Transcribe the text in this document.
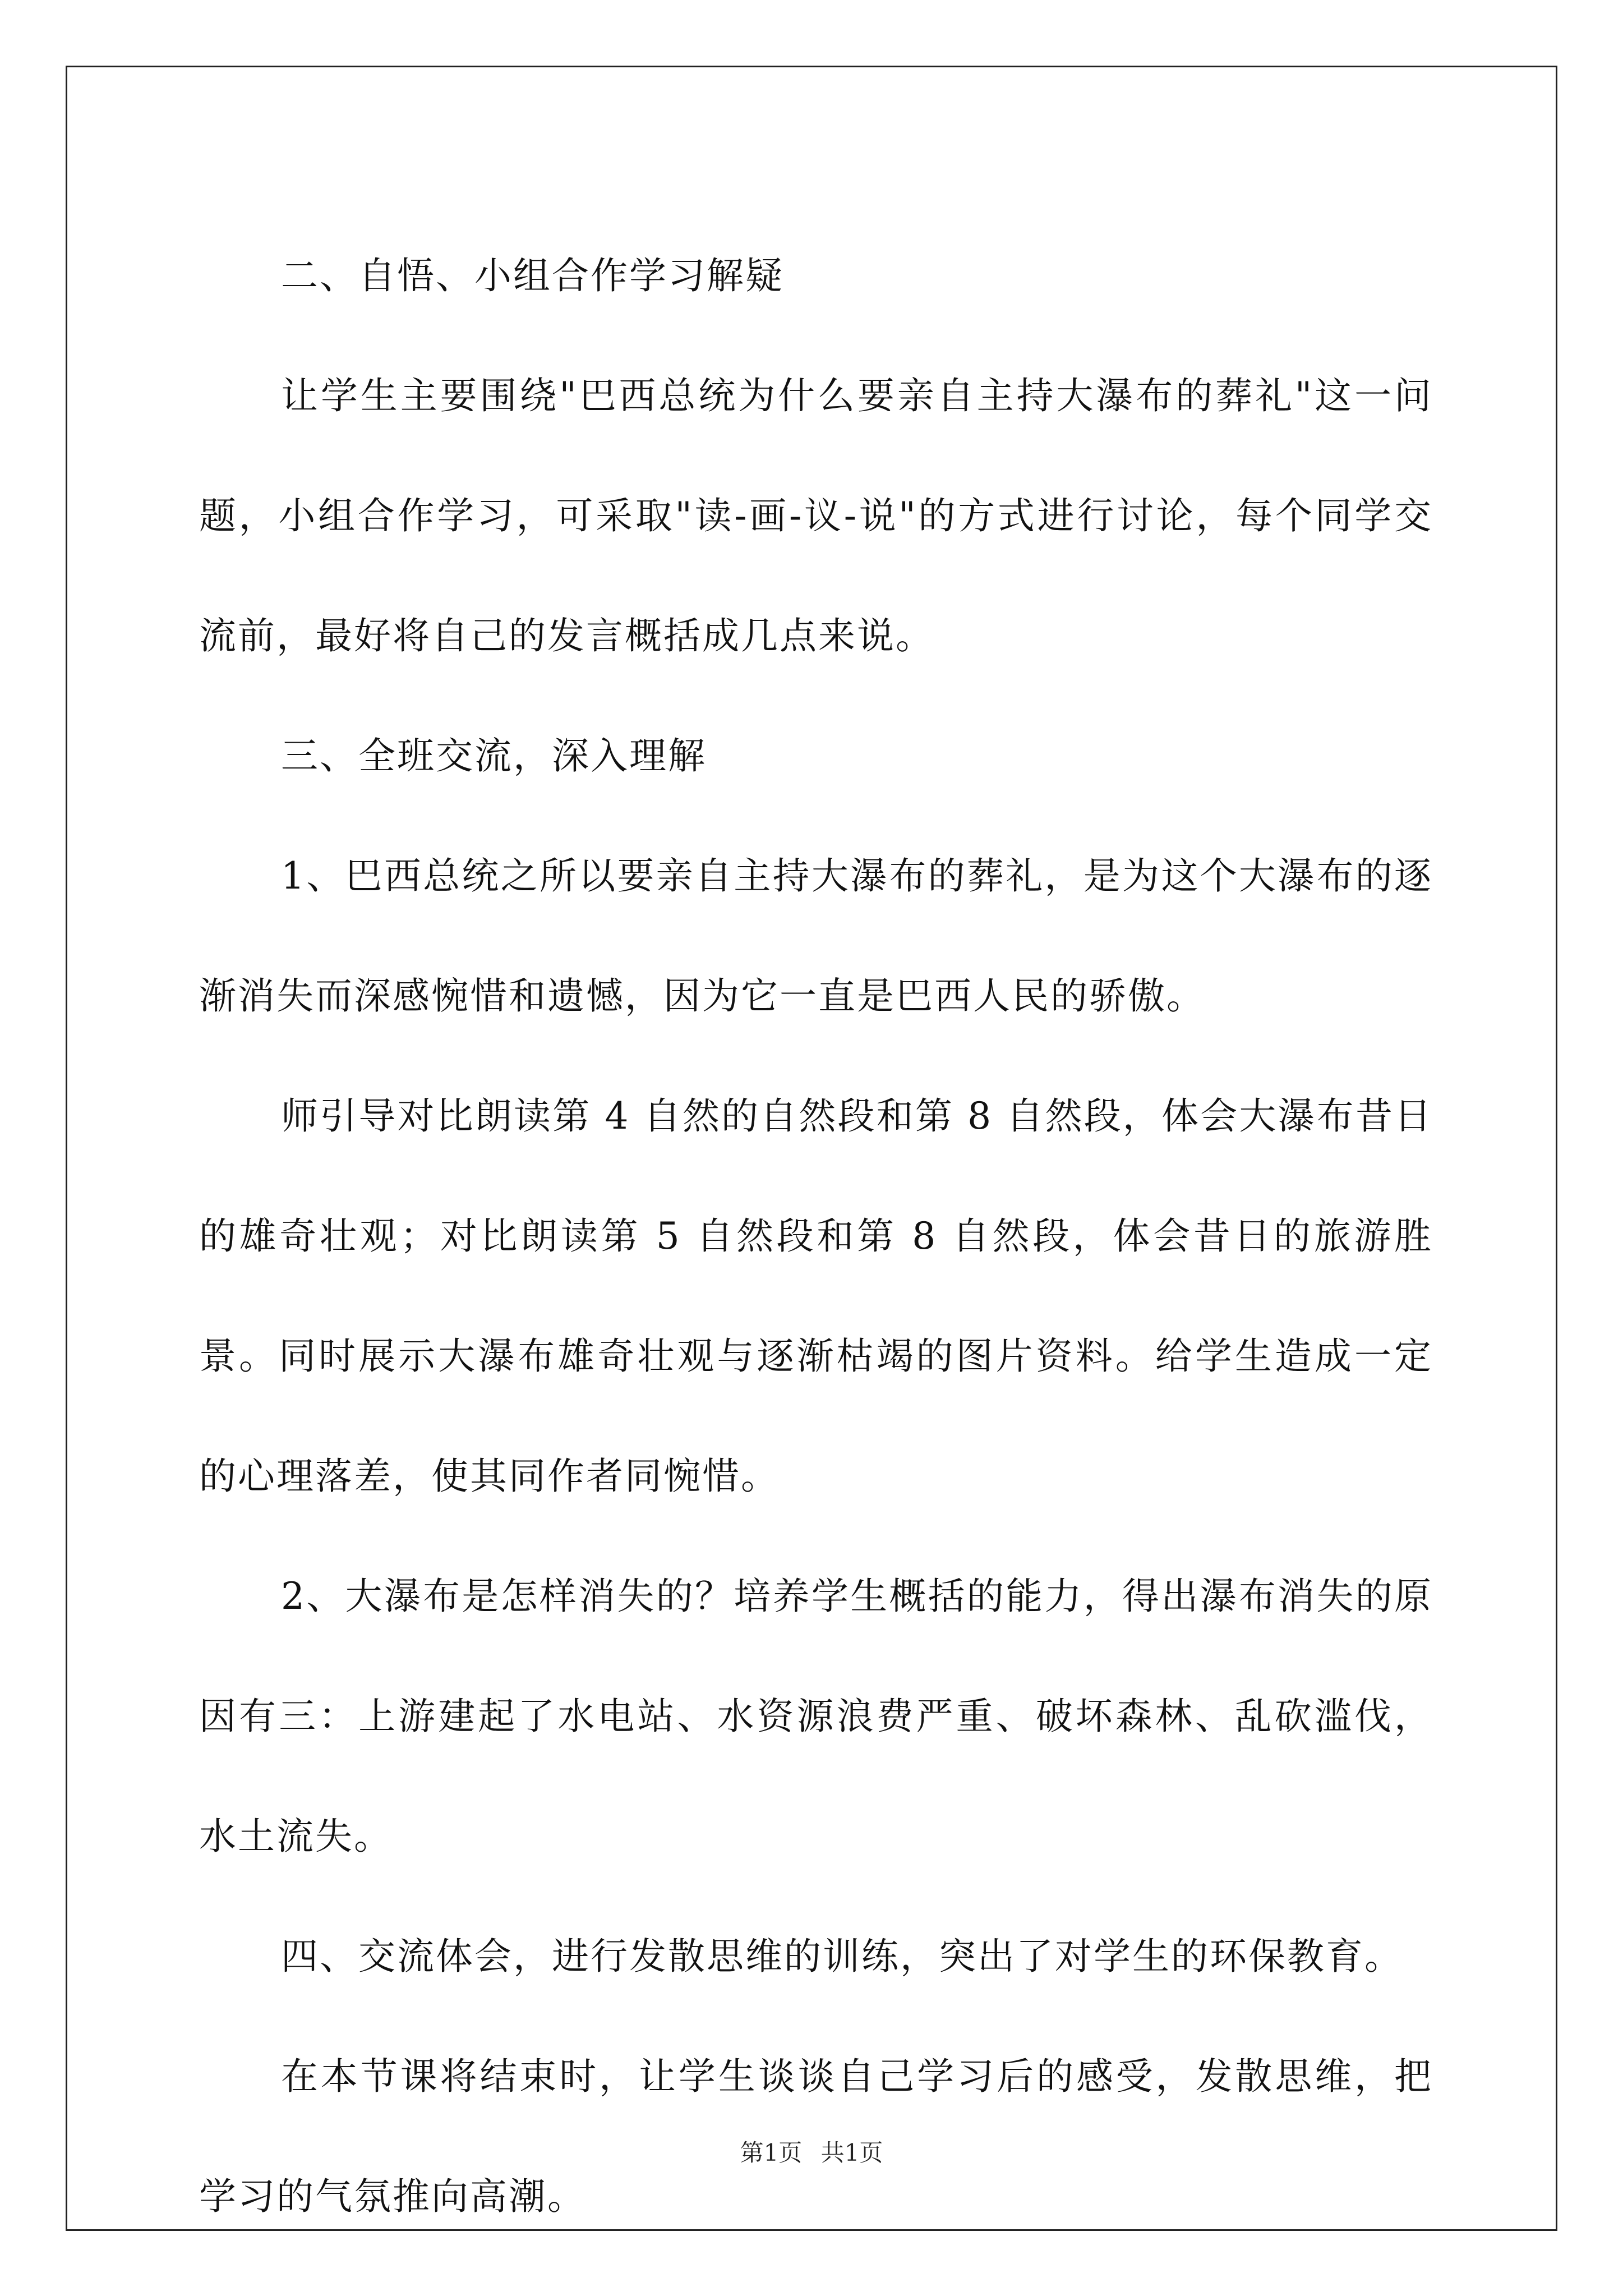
二、自悟、小组合作学习解疑

让学生主要围绕"巴西总统为什么要亲自主持大瀑布的葬礼"这一问题，小组合作学习，可采取"读-画-议-说"的方式进行讨论，每个同学交流前，最好将自己的发言概括成几点来说。

三、全班交流，深入理解

1、巴西总统之所以要亲自主持大瀑布的葬礼，是为这个大瀑布的逐渐消失而深感惋惜和遗憾，因为它一直是巴西人民的骄傲。

师引导对比朗读第 4 自然的自然段和第 8 自然段，体会大瀑布昔日的雄奇壮观；对比朗读第 5 自然段和第 8 自然段，体会昔日的旅游胜景。同时展示大瀑布雄奇壮观与逐渐枯竭的图片资料。给学生造成一定的心理落差，使其同作者同惋惜。

2、大瀑布是怎样消失的？培养学生概括的能力，得出瀑布消失的原因有三：上游建起了水电站、水资源浪费严重、破坏森林、乱砍滥伐，水土流失。

四、交流体会，进行发散思维的训练，突出了对学生的环保教育。

在本节课将结束时，让学生谈谈自己学习后的感受，发散思维，把学习的气氛推向高潮。

第1页 共1页
